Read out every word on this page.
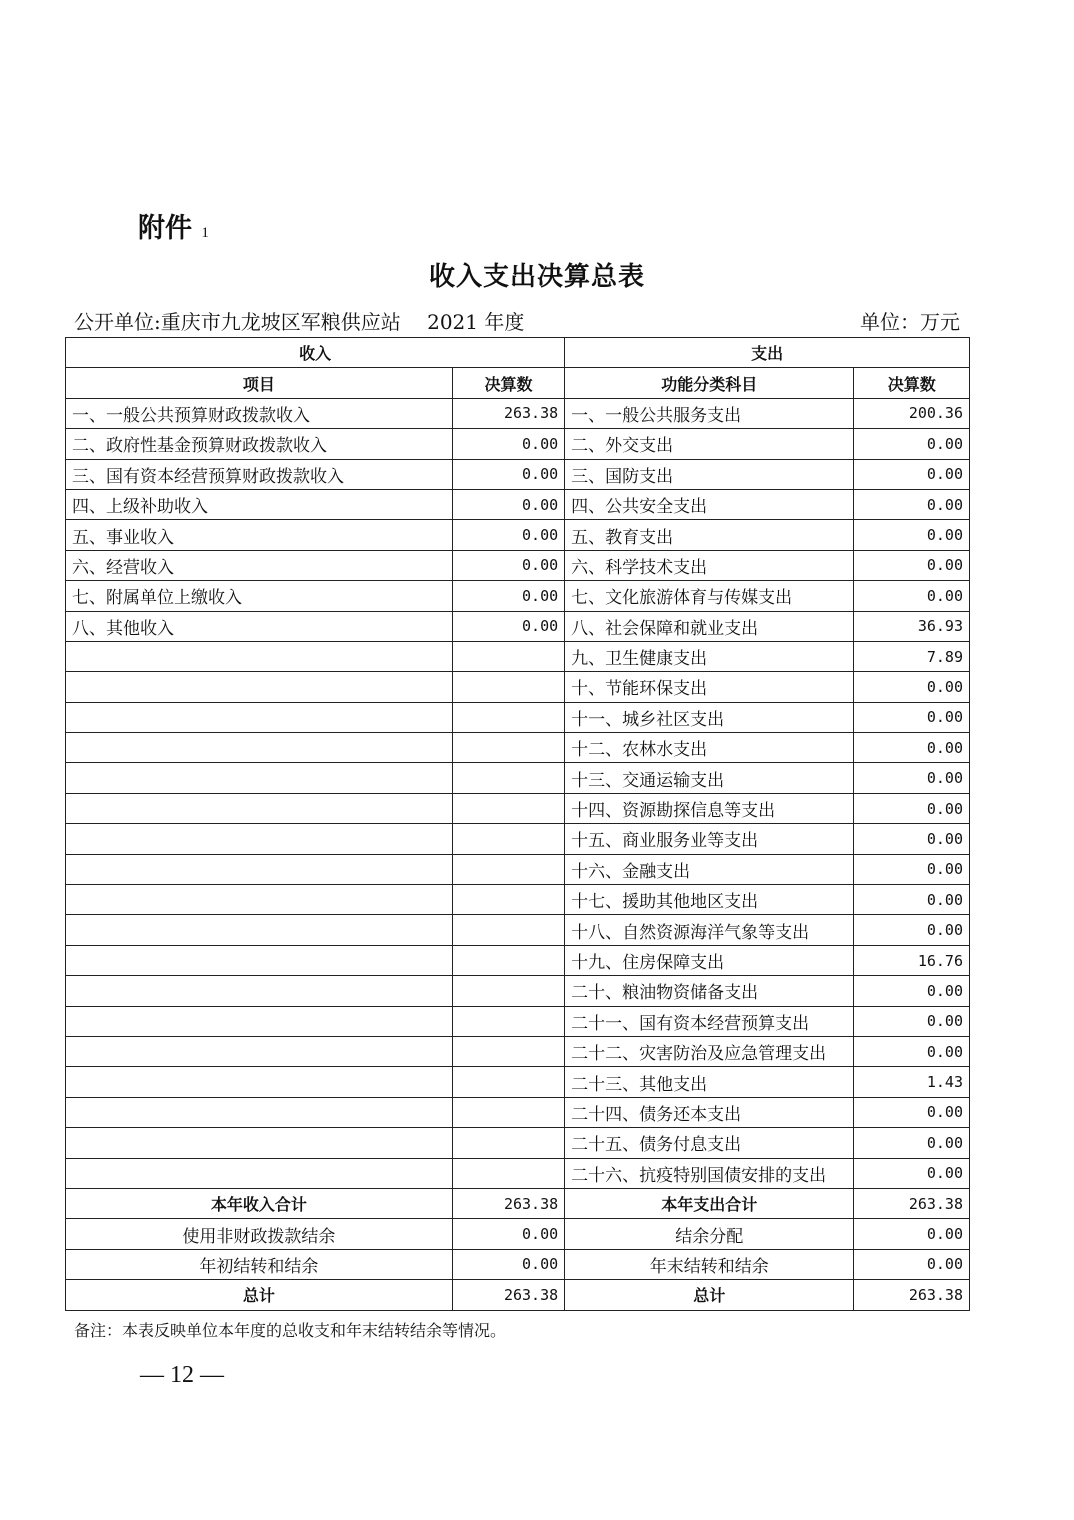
附件 1
收入支出决算总表
公开单位:重庆市九龙坡区军粮供应站　 2021 年度	单位：万元
收入		支出	
项目	决算数	功能分类科目	决算数
一、一般公共预算财政拨款收入	263.38	一、一般公共服务支出	200.36
二、政府性基金预算财政拨款收入	0.00	二、外交支出	0.00
三、国有资本经营预算财政拨款收入	0.00	三、国防支出	0.00
四、上级补助收入	0.00	四、公共安全支出	0.00
五、事业收入	0.00	五、教育支出	0.00
六、经营收入	0.00	六、科学技术支出	0.00
七、附属单位上缴收入	0.00	七、文化旅游体育与传媒支出	0.00
八、其他收入	0.00	八、社会保障和就业支出	36.93
		九、卫生健康支出	7.89
		十、节能环保支出	0.00
		十一、城乡社区支出	0.00
		十二、农林水支出	0.00
		十三、交通运输支出	0.00
		十四、资源勘探信息等支出	0.00
		十五、商业服务业等支出	0.00
		十六、金融支出	0.00
		十七、援助其他地区支出	0.00
		十八、自然资源海洋气象等支出	0.00
		十九、住房保障支出	16.76
		二十、粮油物资储备支出	0.00
		二十一、国有资本经营预算支出	0.00
		二十二、灾害防治及应急管理支出	0.00
		二十三、其他支出	1.43
		二十四、债务还本支出	0.00
		二十五、债务付息支出	0.00
		二十六、抗疫特别国债安排的支出	0.00
本年收入合计	263.38	本年支出合计	263.38
使用非财政拨款结余	0.00	结余分配	0.00
年初结转和结余	0.00	年末结转和结余	0.00
总计	263.38	总计	263.38
备注：本表反映单位本年度的总收支和年末结转结余等情况。
— 12 —
